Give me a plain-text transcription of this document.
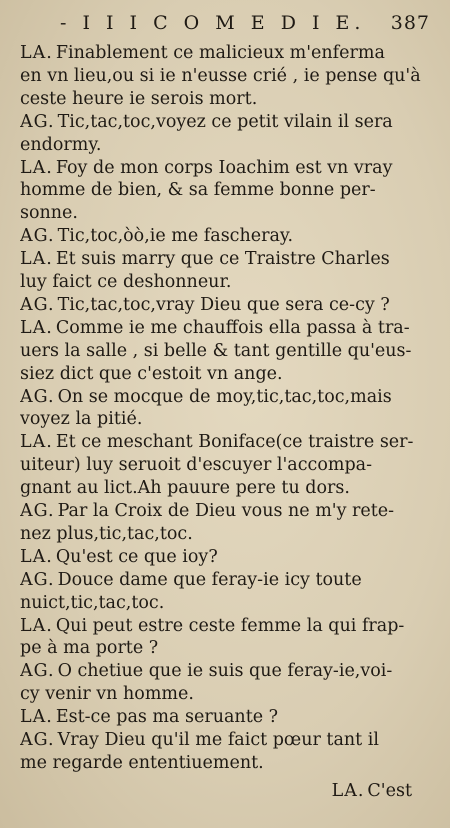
- I I I C O M E D I E. 387
LA. Finablement ce malicieux m'enferma
en vn lieu,ou si ie n'eusse crié , ie pense qu'à
ceste heure ie serois mort.
AG. Tic,tac,toc,voyez ce petit vilain il sera
endormy.
LA. Foy de mon corps Ioachim est vn vray
homme de bien, & sa femme bonne per-
sonne.
AG. Tic,toc,òò,ie me fascheray.
LA. Et suis marry que ce Traistre Charles
luy faict ce deshonneur.
AG. Tic,tac,toc,vray Dieu que sera ce-cy ?
LA. Comme ie me chauffois ella passa à tra-
uers la salle , si belle & tant gentille qu'eus-
siez dict que c'estoit vn ange.
AG. On se mocque de moy,tic,tac,toc,mais
voyez la pitié.
LA. Et ce meschant Boniface(ce traistre ser-
uiteur) luy seruoit d'escuyer l'accompa-
gnant au lict.Ah pauure pere tu dors.
AG. Par la Croix de Dieu vous ne m'y rete-
nez plus,tic,tac,toc.
LA. Qu'est ce que ioy?
AG. Douce dame que feray-ie icy toute
nuict,tic,tac,toc.
LA. Qui peut estre ceste femme la qui frap-
pe à ma porte ?
AG. O chetiue que ie suis que feray-ie,voi-
cy venir vn homme.
LA. Est-ce pas ma seruante ?
AG. Vray Dieu qu'il me faict pœur tant il
me regarde ententiuement.
LA. C'est
